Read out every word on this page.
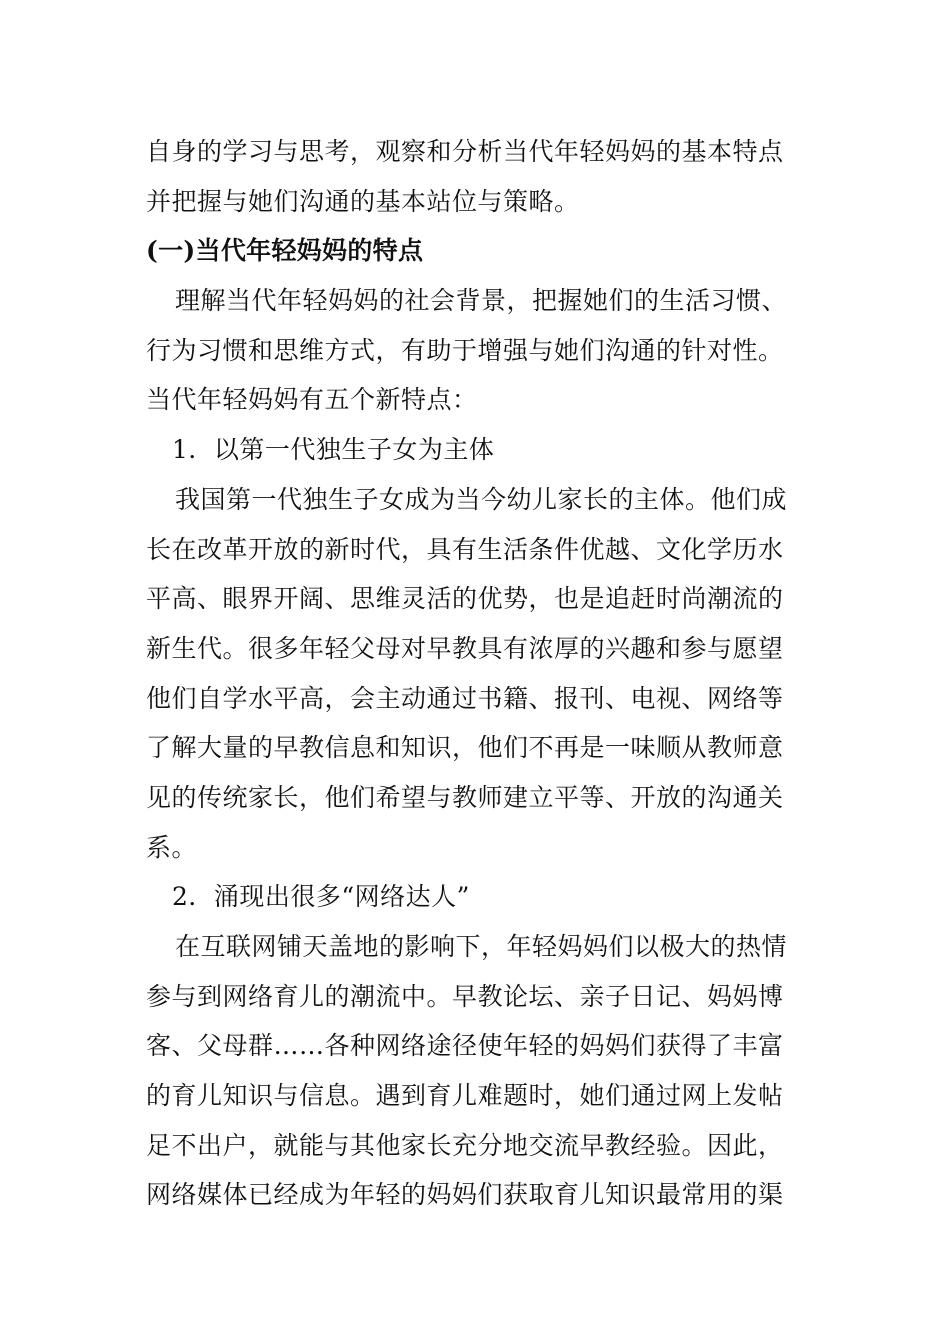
自身的学习与思考，观察和分析当代年轻妈妈的基本特点
并把握与她们沟通的基本站位与策略。
(一)当代年轻妈妈的特点
理解当代年轻妈妈的社会背景，把握她们的生活习惯、
行为习惯和思维方式，有助于增强与她们沟通的针对性。
当代年轻妈妈有五个新特点：
1．以第一代独生子女为主体
我国第一代独生子女成为当今幼儿家长的主体。他们成
长在改革开放的新时代，具有生活条件优越、文化学历水
平高、眼界开阔、思维灵活的优势，也是追赶时尚潮流的
新生代。很多年轻父母对早教具有浓厚的兴趣和参与愿望
他们自学水平高，会主动通过书籍、报刊、电视、网络等
了解大量的早教信息和知识，他们不再是一味顺从教师意
见的传统家长，他们希望与教师建立平等、开放的沟通关
系。
2．涌现出很多“网络达人”
在互联网铺天盖地的影响下，年轻妈妈们以极大的热情
参与到网络育儿的潮流中。早教论坛、亲子日记、妈妈博
客、父母群……各种网络途径使年轻的妈妈们获得了丰富
的育儿知识与信息。遇到育儿难题时，她们通过网上发帖
足不出户，就能与其他家长充分地交流早教经验。因此，
网络媒体已经成为年轻的妈妈们获取育儿知识最常用的渠
